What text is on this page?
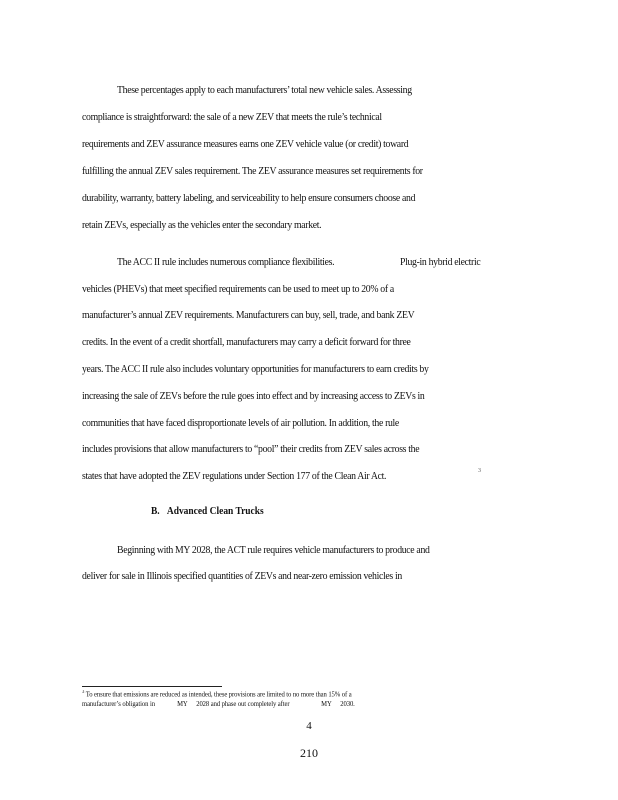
These percentages apply to each manufacturers’ total new vehicle sales. Assessing
compliance is straightforward: the sale of a new ZEV that meets the rule’s technical
requirements and ZEV assurance measures earns one ZEV vehicle value (or credit) toward
fulfilling the annual ZEV sales requirement. The ZEV assurance measures set requirements for
durability, warranty, battery labeling, and serviceability to help ensure consumers choose and
retain ZEVs, especially as the vehicles enter the secondary market.
The ACC II rule includes numerous compliance flexibilities.	Plug-in hybrid electric
vehicles (PHEVs) that meet specified requirements can be used to meet up to 20% of a
manufacturer’s annual ZEV requirements. Manufacturers can buy, sell, trade, and bank ZEV
credits. In the event of a credit shortfall, manufacturers may carry a deficit forward for three
years. The ACC II rule also includes voluntary opportunities for manufacturers to earn credits by
increasing the sale of ZEVs before the rule goes into effect and by increasing access to ZEVs in
communities that have faced disproportionate levels of air pollution. In addition, the rule
includes provisions that allow manufacturers to “pool” their credits from ZEV sales across the
states that have adopted the ZEV regulations under Section 177 of the Clean Air Act.	3
B. Advanced Clean Trucks
Beginning with MY 2028, the ACT rule requires vehicle manufacturers to produce and
deliver for sale in Illinois specified quantities of ZEVs and near-zero emission vehicles in
$^3$ To ensure that emissions are reduced as intended, these provisions are limited to no more than 15% of a
manufacturer’s obligation in	MY 2028 and phase out completely after	MY 2030.
4
210
